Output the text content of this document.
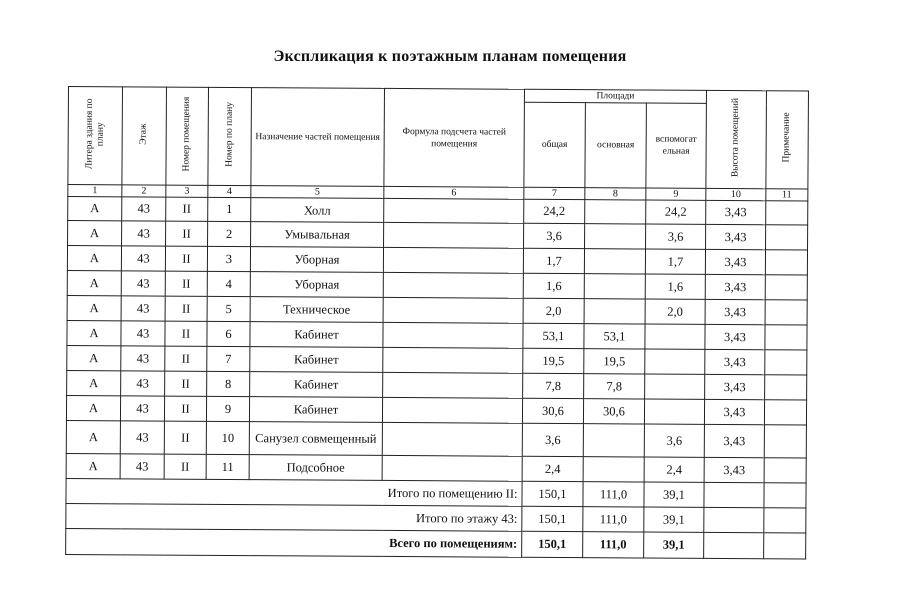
Экспликация к поэтажным планам помещения
Литера здания по плану	Этаж	Номер помещения	Номер по плану	Назначение частей помещения	Формула подсчета частей помещения	Площади			Высота помещений	Примечание
						общая	основная	вспомогат ельная		
1	2	3	4	5	6	7	8	9	10	11
А	43	II	1	Холл		24,2		24,2	3,43	
А	43	II	2	Умывальная		3,6		3,6	3,43	
А	43	II	3	Уборная		1,7		1,7	3,43	
А	43	II	4	Уборная		1,6		1,6	3,43	
А	43	II	5	Техническое		2,0		2,0	3,43	
А	43	II	6	Кабинет		53,1	53,1		3,43	
А	43	II	7	Кабинет		19,5	19,5		3,43	
А	43	II	8	Кабинет		7,8	7,8		3,43	
А	43	II	9	Кабинет		30,6	30,6		3,43	
А	43	II	10	Санузел совмещенный		3,6		3,6	3,43	
А	43	II	11	Подсобное		2,4		2,4	3,43	
Итого по помещению II:						150,1	111,0	39,1		
Итого по этажу 43:						150,1	111,0	39,1		
Всего по помещениям:						150,1	111,0	39,1		
